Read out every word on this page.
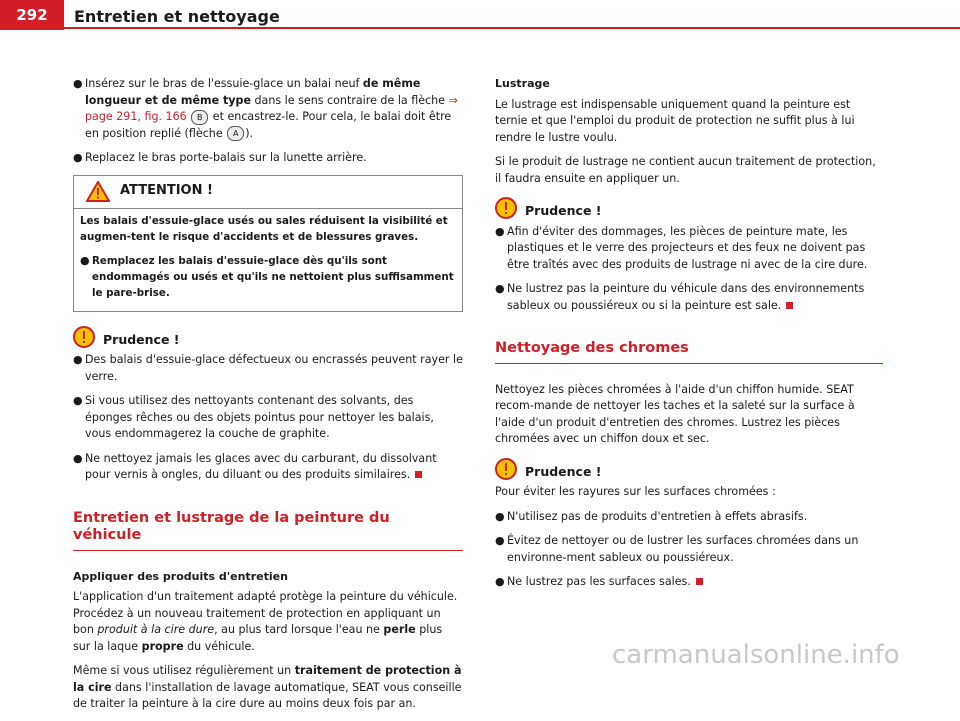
292	Entretien et nettoyage
● Insérez sur le bras de l'essuie-glace un balai neuf de même longueur et de même type dans le sens contraire de la flèche ⇒ page 291, fig. 166 B et encastrez-le. Pour cela, le balai doit être en position replié (flèche A ).
● Replacez le bras porte-balais sur la lunette arrière.
ATTENTION !

Les balais d'essuie-glace usés ou sales réduisent la visibilité et augmen-tent le risque d'accidents et de blessures graves.

● Remplacez les balais d'essuie-glace dès qu'ils sont endommagés ou usés et qu'ils ne nettoient plus suffisamment le pare-brise.
Prudence !
● Des balais d'essuie-glace défectueux ou encrassés peuvent rayer le verre.
● Si vous utilisez des nettoyants contenant des solvants, des éponges rêches ou des objets pointus pour nettoyer les balais, vous endommagerez la couche de graphite.
● Ne nettoyez jamais les glaces avec du carburant, du dissolvant pour vernis à ongles, du diluant ou des produits similaires.
Entretien et lustrage de la peinture du véhicule
Appliquer des produits d'entretien

L'application d'un traitement adapté protège la peinture du véhicule. Procédez à un nouveau traitement de protection en appliquant un bon produit à la cire dure, au plus tard lorsque l'eau ne perle plus sur la laque propre du véhicule.

Même si vous utilisez régulièrement un traitement de protection à la cire dans l'installation de lavage automatique, SEAT vous conseille de traiter la peinture à la cire dure au moins deux fois par an.

Lustrage

Le lustrage est indispensable uniquement quand la peinture est ternie et que l'emploi du produit de protection ne suffit plus à lui rendre le lustre voulu.

Si le produit de lustrage ne contient aucun traitement de protection, il faudra ensuite en appliquer un.

Prudence !
● Afin d'éviter des dommages, les pièces de peinture mate, les plastiques et le verre des projecteurs et des feux ne doivent pas être traîtés avec des produits de lustrage ni avec de la cire dure.
● Ne lustrez pas la peinture du véhicule dans des environnements sableux ou poussiéreux ou si la peinture est sale.
Nettoyage des chromes

Nettoyez les pièces chromées à l'aide d'un chiffon humide. SEAT recom-mande de nettoyer les taches et la saleté sur la surface à l'aide d'un produit d'entretien des chromes. Lustrez les pièces chromées avec un chiffon doux et sec.

Prudence !

Pour éviter les rayures sur les surfaces chromées :

● N'utilisez pas de produits d'entretien à effets abrasifs.
● Évitez de nettoyer ou de lustrer les surfaces chromées dans un environne-ment sableux ou poussiéreux.
● Ne lustrez pas les surfaces sales.
carmanualsonline.info
